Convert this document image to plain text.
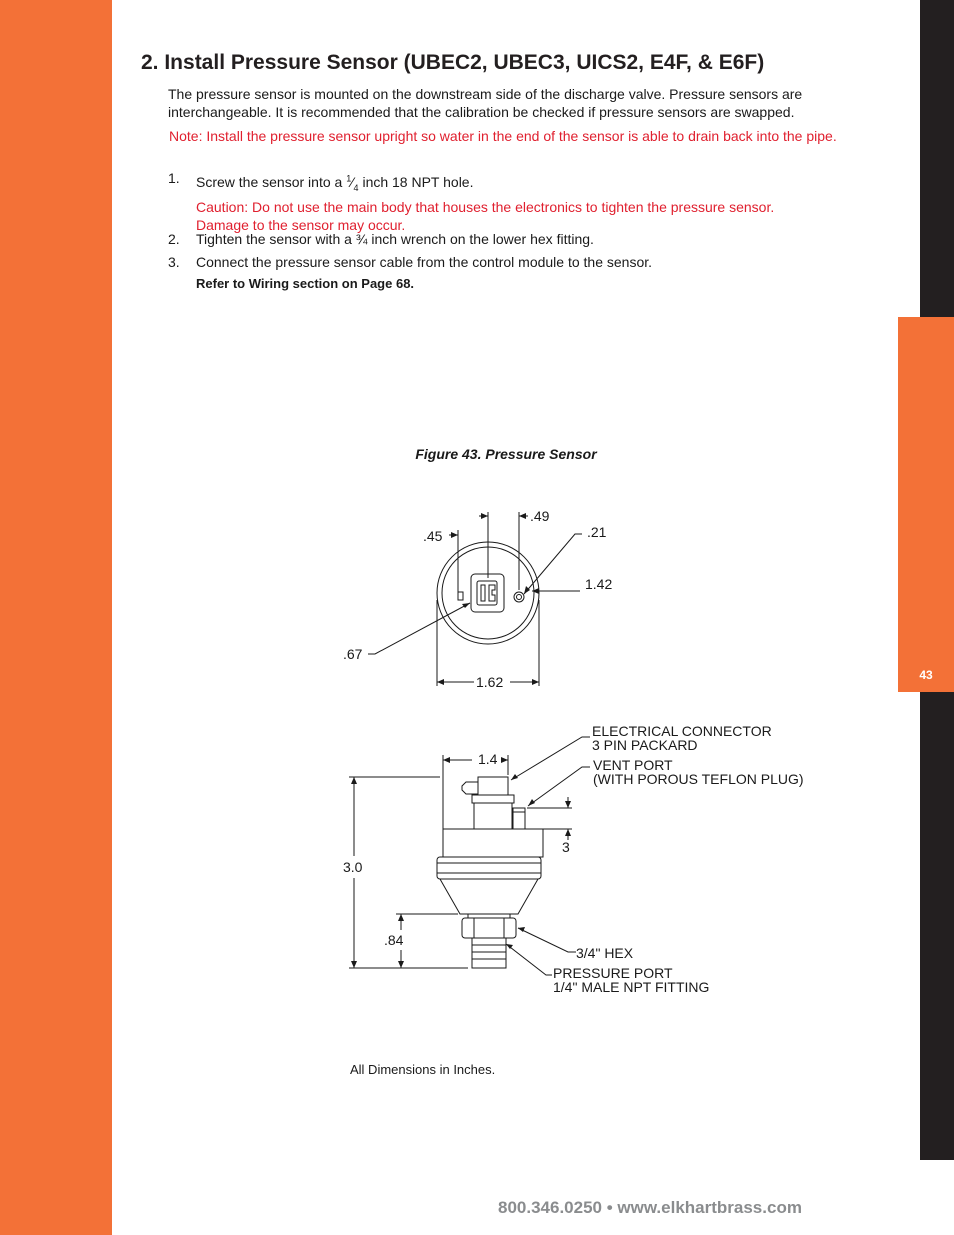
43
2. Install Pressure Sensor (UBEC2, UBEC3, UICS2, E4F, & E6F)

The pressure sensor is mounted on the downstream side of the discharge valve. Pressure sensors are interchangeable. It is recommended that the calibration be checked if pressure sensors are swapped.

Note: Install the pressure sensor upright so water in the end of the sensor is able to drain back into the pipe.

1. Screw the sensor into a $^1⁄_4$ inch 18 NPT hole.
Caution: Do not use the main body that houses the electronics to tighten the pressure sensor. Damage to the sensor may occur.
2. Tighten the sensor with a ¾ inch wrench on the lower hex fitting.
3. Connect the pressure sensor cable from the control module to the sensor.
Refer to Wiring section on Page 68.
Figure 43. Pressure Sensor
.45
.49
.21
1.42
.67
1.62
1.4
3.0
.84
3
ELECTRICAL CONNECTOR
3 PIN PACKARD
VENT PORT
(WITH POROUS TEFLON PLUG)
3/4" HEX
PRESSURE PORT
1/4" MALE NPT FITTING
All Dimensions in Inches.
800.346.0250 • www.elkhartbrass.com
